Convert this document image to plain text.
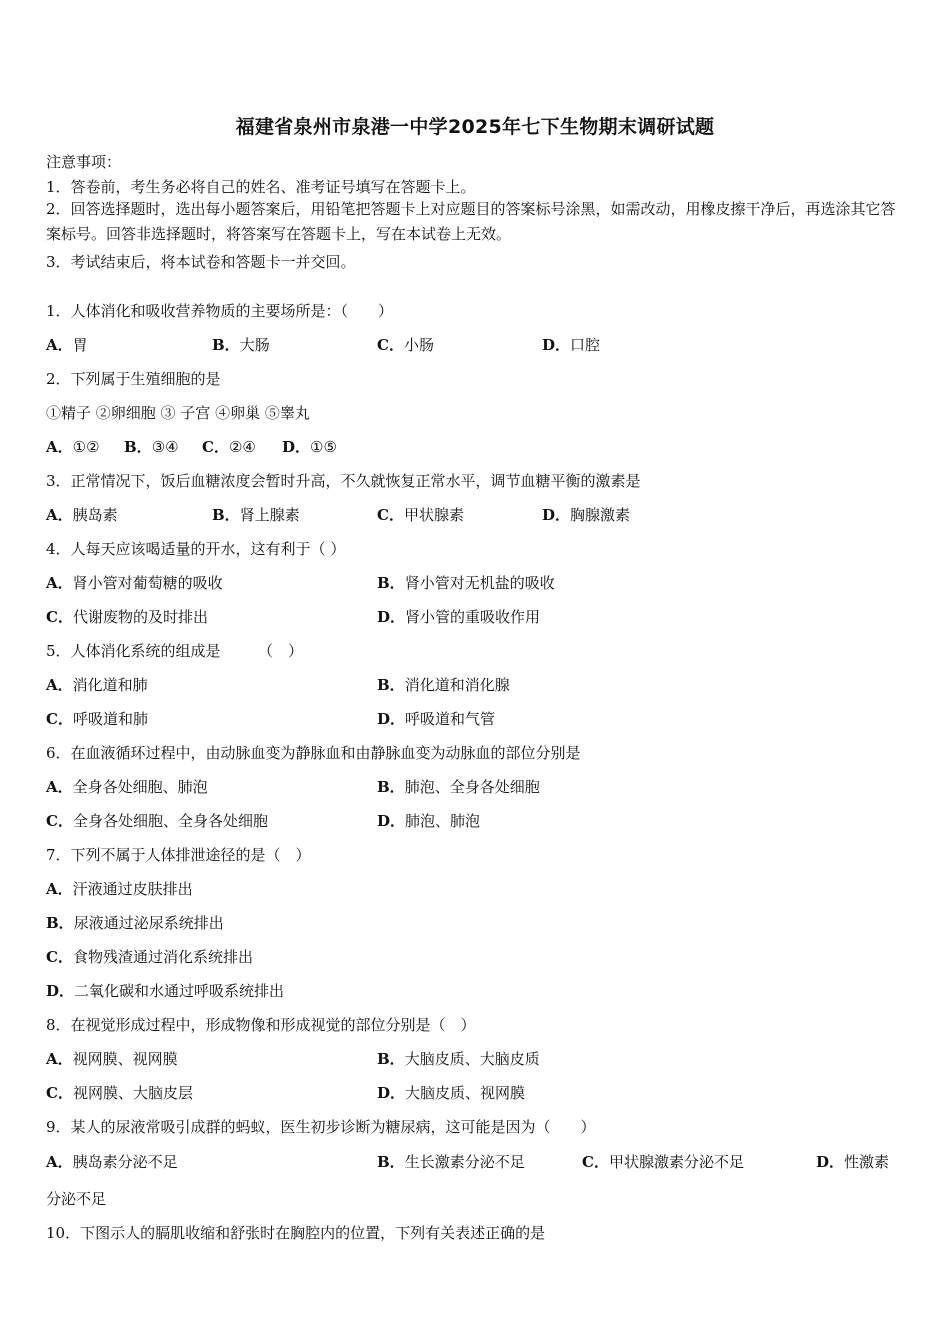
福建省泉州市泉港一中学2025年七下生物期末调研试题
注意事项：
1．答卷前，考生务必将自己的姓名、准考证号填写在答题卡上。
2．回答选择题时，选出每小题答案后，用铅笔把答题卡上对应题目的答案标号涂黑，如需改动，用橡皮擦干净后，再选涂其它答案标号。回答非选择题时，将答案写在答题卡上，写在本试卷上无效。
3．考试结束后，将本试卷和答题卡一并交回。
1．人体消化和吸收营养物质的主要场所是：（　　）
A．胃	B．大肠	C．小肠	D．口腔
2．下列属于生殖细胞的是
①精子 ②卵细胞 ③ 子宫 ④卵巢 ⑤睾丸
A．①② B．③④ C．②④ D．①⑤
3．正常情况下，饭后血糖浓度会暂时升高，不久就恢复正常水平，调节血糖平衡的激素是
A．胰岛素	B．肾上腺素	C．甲状腺素	D．胸腺激素
4．人每天应该喝适量的开水，这有利于（ ）
A．肾小管对葡萄糖的吸收	B．肾小管对无机盐的吸收
C．代谢废物的及时排出	D．肾小管的重吸收作用
5．人体消化系统的组成是　　　（　）
A．消化道和肺	B．消化道和消化腺
C．呼吸道和肺	D．呼吸道和气管
6．在血液循环过程中，由动脉血变为静脉血和由静脉血变为动脉血的部位分别是
A．全身各处细胞、肺泡	B．肺泡、全身各处细胞
C．全身各处细胞、全身各处细胞	D．肺泡、肺泡
7．下列不属于人体排泄途径的是（　）
A．汗液通过皮肤排出
B．尿液通过泌尿系统排出
C．食物残渣通过消化系统排出
D．二氧化碳和水通过呼吸系统排出
8．在视觉形成过程中，形成物像和形成视觉的部位分别是（　）
A．视网膜、视网膜	B．大脑皮质、大脑皮质
C．视网膜、大脑皮层	D．大脑皮质、视网膜
9．某人的尿液常吸引成群的蚂蚁，医生初步诊断为糖尿病，这可能是因为（　　）
A．胰岛素分泌不足	B．生长激素分泌不足	C．甲状腺激素分泌不足	D．性激素
分泌不足
10．下图示人的膈肌收缩和舒张时在胸腔内的位置，下列有关表述正确的是
